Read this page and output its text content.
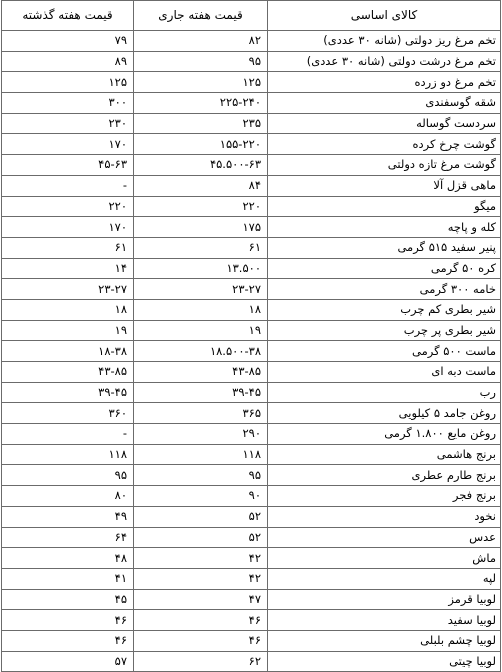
کالای اساسی	قیمت هفته جاری	قیمت هفته گذشته
تخم مرغ ریز دولتی (شانه ۳۰ عددی)	۸۲	۷۹
تخم مرغ درشت دولتی (شانه ۳۰ عددی)	۹۵	۸۹
تخم مرغ دو زرده	۱۲۵	۱۲۵
شقه گوسفندی	۲۲۵-۲۴۰	۳۰۰
سردست گوساله	۲۳۵	۲۳۰
گوشت چرخ کرده	۱۵۵-۲۲۰	۱۷۰
گوشت مرغ تازه دولتی	۴۵.۵۰۰-۶۳	۴۵-۶۳
ماهی قزل آلا	۸۴	-
میگو	۲۲۰	۲۲۰
کله و پاچه	۱۷۵	۱۷۰
پنیر سفید ۵۱۵ گرمی	۶۱	۶۱
کره ۵۰ گرمی	۱۳.۵۰۰	۱۴
خامه ۳۰۰ گرمی	۲۳-۲۷	۲۳-۲۷
شیر بطری کم چرب	۱۸	۱۸
شیر بطری پر چرب	۱۹	۱۹
ماست ۵۰۰ گرمی	۱۸.۵۰۰-۳۸	۱۸-۳۸
ماست دبه ای	۴۳-۸۵	۴۳-۸۵
رب	۳۹-۴۵	۳۹-۴۵
روغن جامد ۵ کیلویی	۳۶۵	۳۶۰
روغن مایع ۱.۸۰۰ گرمی	۲۹۰	-
برنج هاشمی	۱۱۸	۱۱۸
برنج طارم عطری	۹۵	۹۵
برنج فجر	۹۰	۸۰
نخود	۵۲	۴۹
عدس	۵۲	۶۴
ماش	۴۲	۴۸
لپه	۴۲	۴۱
لوبیا قرمز	۴۷	۴۵
لوبیا سفید	۴۶	۴۶
لوبیا چشم بلبلی	۴۶	۴۶
لوبیا چیتی	۶۲	۵۷
